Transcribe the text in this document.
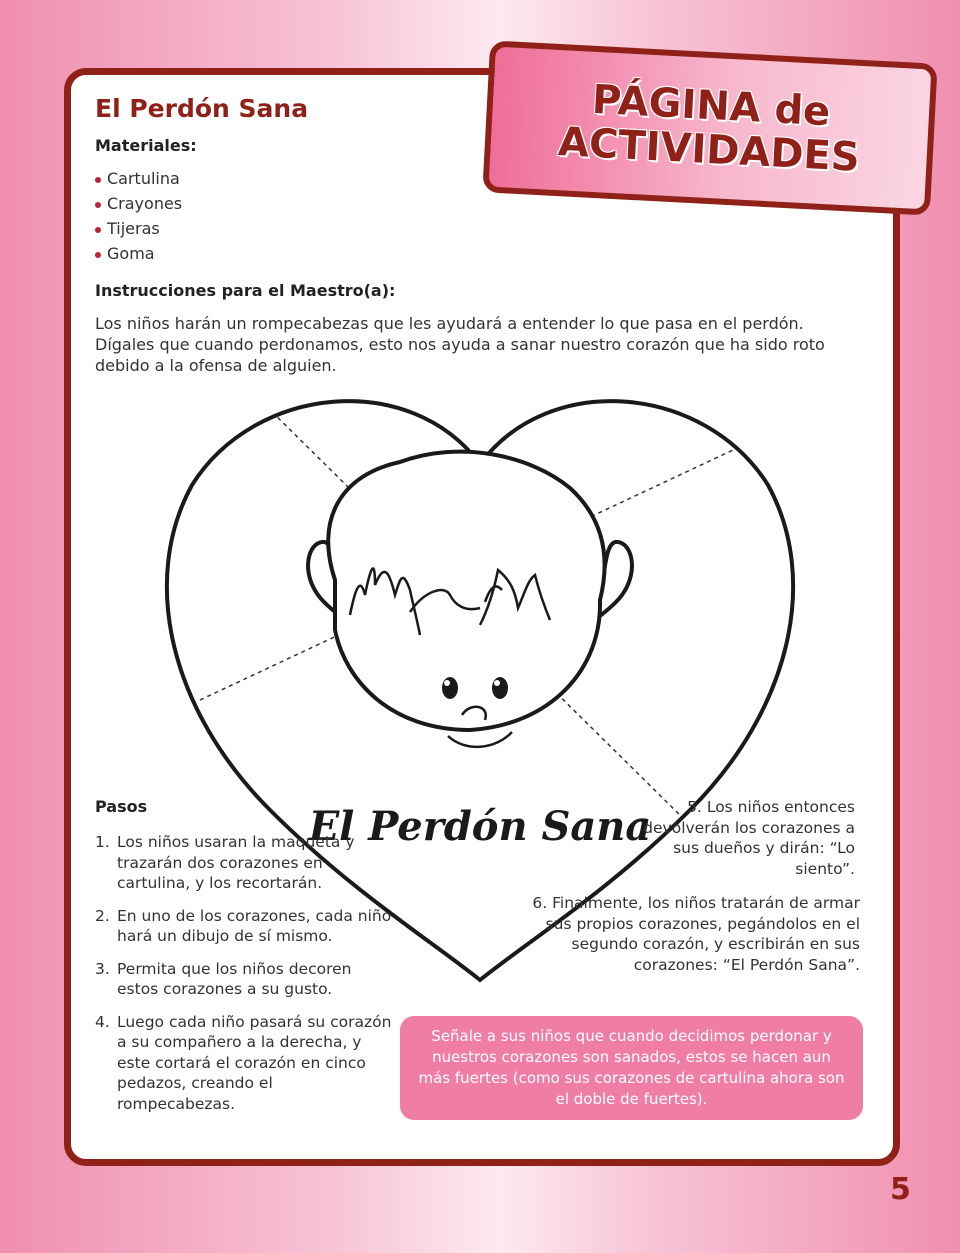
PÁGINA de
ACTIVIDADES
El Perdón Sana
Materiales:
Cartulina
Crayones
Tijeras
Goma
Instrucciones para el Maestro(a):

Los niños harán un rompecabezas que les ayudará a entender lo que pasa en el perdón. Dígales que cuando perdonamos, esto nos ayuda a sanar nuestro corazón que ha sido roto debido a la ofensa de alguien.

El Perdón Sana
Pasos
1. Los niños usaran la maqueta y trazarán dos corazones en cartulina, y los recortarán.
2. En uno de los corazones, cada niño hará un dibujo de sí mismo.
3. Permita que los niños decoren estos corazones a su gusto.
4. Luego cada niño pasará su corazón a su compañero a la derecha, y este cortará el corazón en cinco pedazos, creando el rompecabezas.

5. Los niños entonces devolverán los corazones a sus dueños y dirán: “Lo siento”.

6. Finalmente, los niños tratarán de armar sus propios corazones, pegándolos en el segundo corazón, y escribirán en sus corazones: “El Perdón Sana”.

Señale a sus niños que cuando decidimos perdonar y nuestros corazones son sanados, estos se hacen aun más fuertes (como sus corazones de cartulina ahora son el doble de fuertes).
5
